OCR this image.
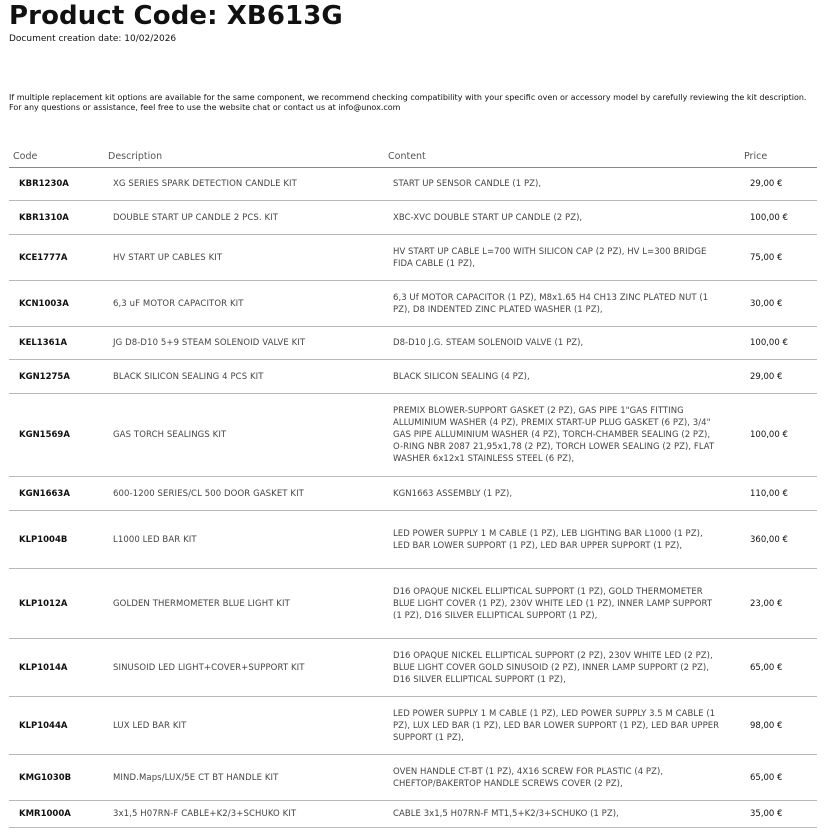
Product Code: XB613G
Document creation date: 10/02/2026
If multiple replacement kit options are available for the same component, we recommend checking compatibility with your specific oven or accessory model by carefully reviewing the kit description.
For any questions or assistance, feel free to use the website chat or contact us at info@unox.com
Code	Description	Content	Price
KBR1230A	XG SERIES SPARK DETECTION CANDLE KIT	START UP SENSOR CANDLE (1 PZ),	29,00 €
KBR1310A	DOUBLE START UP CANDLE 2 PCS. KIT	XBC-XVC DOUBLE START UP CANDLE (2 PZ),	100,00 €
KCE1777A	HV START UP CABLES KIT	HV START UP CABLE L=700 WITH SILICON CAP (2 PZ), HV L=300 BRIDGE FIDA CABLE (1 PZ),	75,00 €
KCN1003A	6,3 uF MOTOR CAPACITOR KIT	6,3 Uf MOTOR CAPACITOR (1 PZ), M8x1.65 H4 CH13 ZINC PLATED NUT (1 PZ), D8 INDENTED ZINC PLATED WASHER (1 PZ),	30,00 €
KEL1361A	JG D8-D10 5+9 STEAM SOLENOID VALVE KIT	D8-D10 J.G. STEAM SOLENOID VALVE (1 PZ),	100,00 €
KGN1275A	BLACK SILICON SEALING 4 PCS KIT	BLACK SILICON SEALING (4 PZ),	29,00 €
KGN1569A	GAS TORCH SEALINGS KIT	PREMIX BLOWER-SUPPORT GASKET (2 PZ), GAS PIPE 1"GAS FITTING ALLUMINIUM WASHER (4 PZ), PREMIX START-UP PLUG GASKET (6 PZ), 3/4" GAS PIPE ALLUMINIUM WASHER (4 PZ), TORCH-CHAMBER SEALING (2 PZ), O-RING NBR 2087 21,95x1,78 (2 PZ), TORCH LOWER SEALING (2 PZ), FLAT WASHER 6x12x1 STAINLESS STEEL (6 PZ),	100,00 €
KGN1663A	600-1200 SERIES/CL 500 DOOR GASKET KIT	KGN1663 ASSEMBLY (1 PZ),	110,00 €
KLP1004B	L1000 LED BAR KIT	LED POWER SUPPLY 1 M CABLE (1 PZ), LEB LIGHTING BAR L1000 (1 PZ), LED BAR LOWER SUPPORT (1 PZ), LED BAR UPPER SUPPORT (1 PZ),	360,00 €
KLP1012A	GOLDEN THERMOMETER BLUE LIGHT KIT	D16 OPAQUE NICKEL ELLIPTICAL SUPPORT (1 PZ), GOLD THERMOMETER BLUE LIGHT COVER (1 PZ), 230V WHITE LED (1 PZ), INNER LAMP SUPPORT (1 PZ), D16 SILVER ELLIPTICAL SUPPORT (1 PZ),	23,00 €
KLP1014A	SINUSOID LED LIGHT+COVER+SUPPORT KIT	D16 OPAQUE NICKEL ELLIPTICAL SUPPORT (2 PZ), 230V WHITE LED (2 PZ), BLUE LIGHT COVER GOLD SINUSOID (2 PZ), INNER LAMP SUPPORT (2 PZ), D16 SILVER ELLIPTICAL SUPPORT (1 PZ),	65,00 €
KLP1044A	LUX LED BAR KIT	LED POWER SUPPLY 1 M CABLE (1 PZ), LED POWER SUPPLY 3.5 M CABLE (1 PZ), LUX LED BAR (1 PZ), LED BAR LOWER SUPPORT (1 PZ), LED BAR UPPER SUPPORT (1 PZ),	98,00 €
KMG1030B	MIND.Maps/LUX/5E CT BT HANDLE KIT	OVEN HANDLE CT-BT (1 PZ), 4X16 SCREW FOR PLASTIC (4 PZ), CHEFTOP/BAKERTOP HANDLE SCREWS COVER (2 PZ),	65,00 €
KMR1000A	3x1,5 H07RN-F CABLE+K2/3+SCHUKO KIT	CABLE 3x1,5 H07RN-F MT1,5+K2/3+SCHUKO (1 PZ),	35,00 €
